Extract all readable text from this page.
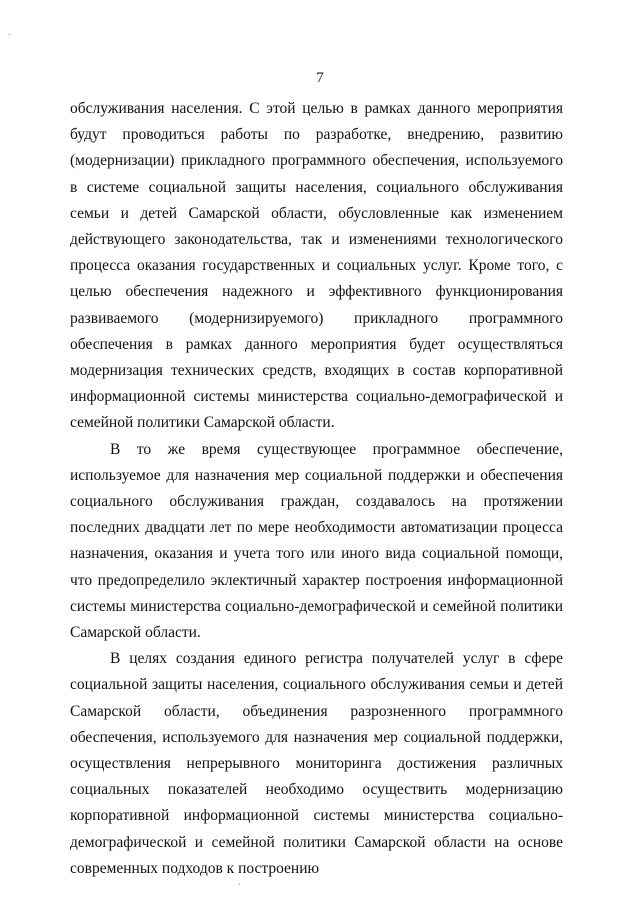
·
7

обслуживания населения. С этой целью в рамках данного мероприятия будут проводиться работы по разработке, внедрению, развитию (модернизации) прикладного программного обеспечения, используемого в системе социальной защиты населения, социального обслуживания семьи и детей Самарской области, обусловленные как изменением действующего законодательства, так и изменениями технологического процесса оказания государственных и социальных услуг. Кроме того, с целью обеспечения надежного и эффективного функционирования развиваемого (модернизируемого) прикладного программного обеспечения в рамках данного мероприятия будет осуществляться модернизация технических средств, входящих в состав корпоративной информационной системы министерства социально-демографической и семейной политики Самарской области.

В то же время существующее программное обеспечение, используемое для назначения мер социальной поддержки и обеспечения социального обслуживания граждан, создавалось на протяжении последних двадцати лет по мере необходимости автоматизации процесса назначения, оказания и учета того или иного вида социальной помощи, что предопределило эклектичный характер построения информационной системы министерства социально-демографической и семейной политики Самарской области.

В целях создания единого регистра получателей услуг в сфере социальной защиты населения, социального обслуживания семьи и детей Самарской области, объединения разрозненного программного обеспечения, используемого для назначения мер социальной поддержки, осуществления непрерывного мониторинга достижения различных социальных показателей необходимо осуществить модернизацию корпоративной информационной системы министерства социально-демографической и семейной политики Самарской области на основе современных подходов к построению

·
